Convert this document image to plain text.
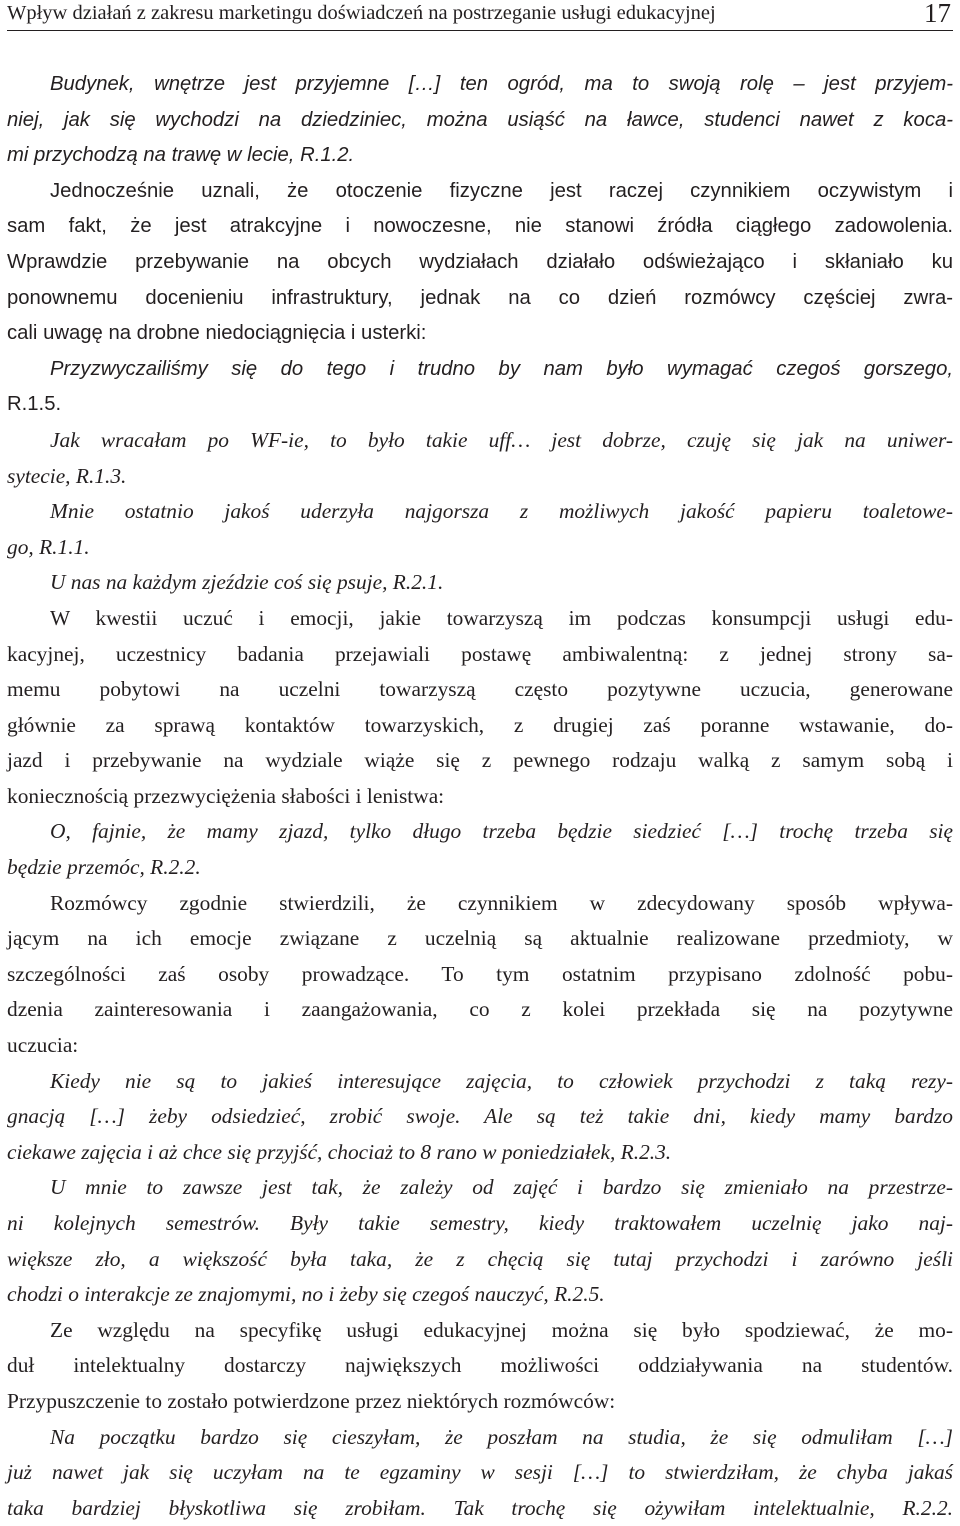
Wpływ działań z zakresu marketingu doświadczeń na postrzeganie usługi edukacyjnej	17
Budynek, wnętrze jest przyjemne […] ten ogród, ma to swoją rolę – jest przyjem-
niej, jak się wychodzi na dziedziniec, można usiąść na ławce, studenci nawet z koca-
mi przychodzą na trawę w lecie, R.1.2.
Jednocześnie uznali, że otoczenie fizyczne jest raczej czynnikiem oczywistym i
sam fakt, że jest atrakcyjne i nowoczesne, nie stanowi źródła ciągłego zadowolenia.
Wprawdzie przebywanie na obcych wydziałach działało odświeżająco i skłaniało ku
ponownemu docenieniu infrastruktury, jednak na co dzień rozmówcy częściej zwra-
cali uwagę na drobne niedociągnięcia i usterki:
Przyzwyczailiśmy się do tego i trudno by nam było wymagać czegoś gorszego,
R.1.5.
Jak wracałam po WF-ie, to było takie uff… jest dobrze, czuję się jak na uniwer-
sytecie, R.1.3.
Mnie ostatnio jakoś uderzyła najgorsza z możliwych jakość papieru toaletowe-
go, R.1.1.
U nas na każdym zjeździe coś się psuje, R.2.1.
W kwestii uczuć i emocji, jakie towarzyszą im podczas konsumpcji usługi edu-
kacyjnej, uczestnicy badania przejawiali postawę ambiwalentną: z jednej strony sa-
memu pobytowi na uczelni towarzyszą często pozytywne uczucia, generowane
głównie za sprawą kontaktów towarzyskich, z drugiej zaś poranne wstawanie, do-
jazd i przebywanie na wydziale wiąże się z pewnego rodzaju walką z samym sobą i
koniecznością przezwyciężenia słabości i lenistwa:
O, fajnie, że mamy zjazd, tylko długo trzeba będzie siedzieć […] trochę trzeba się
będzie przemóc, R.2.2.
Rozmówcy zgodnie stwierdzili, że czynnikiem w zdecydowany sposób wpływa-
jącym na ich emocje związane z uczelnią są aktualnie realizowane przedmioty, w
szczególności zaś osoby prowadzące. To tym ostatnim przypisano zdolność pobu-
dzenia zainteresowania i zaangażowania, co z kolei przekłada się na pozytywne
uczucia:
Kiedy nie są to jakieś interesujące zajęcia, to człowiek przychodzi z taką rezy-
gnacją […] żeby odsiedzieć, zrobić swoje. Ale są też takie dni, kiedy mamy bardzo
ciekawe zajęcia i aż chce się przyjść, chociaż to 8 rano w poniedziałek, R.2.3.
U mnie to zawsze jest tak, że zależy od zajęć i bardzo się zmieniało na przestrze-
ni kolejnych semestrów. Były takie semestry, kiedy traktowałem uczelnię jako naj-
większe zło, a większość była taka, że z chęcią się tutaj przychodzi i zarówno jeśli
chodzi o interakcje ze znajomymi, no i żeby się czegoś nauczyć, R.2.5.
Ze względu na specyfikę usługi edukacyjnej można się było spodziewać, że mo-
duł intelektualny dostarczy największych możliwości oddziaływania na studentów.
Przypuszczenie to zostało potwierdzone przez niektórych rozmówców:
Na początku bardzo się cieszyłam, że poszłam na studia, że się odmuliłam […]
już nawet jak się uczyłam na te egzaminy w sesji […] to stwierdziłam, że chyba jakaś
taka bardziej błyskotliwa się zrobiłam. Tak trochę się ożywiłam intelektualnie, R.2.2.
